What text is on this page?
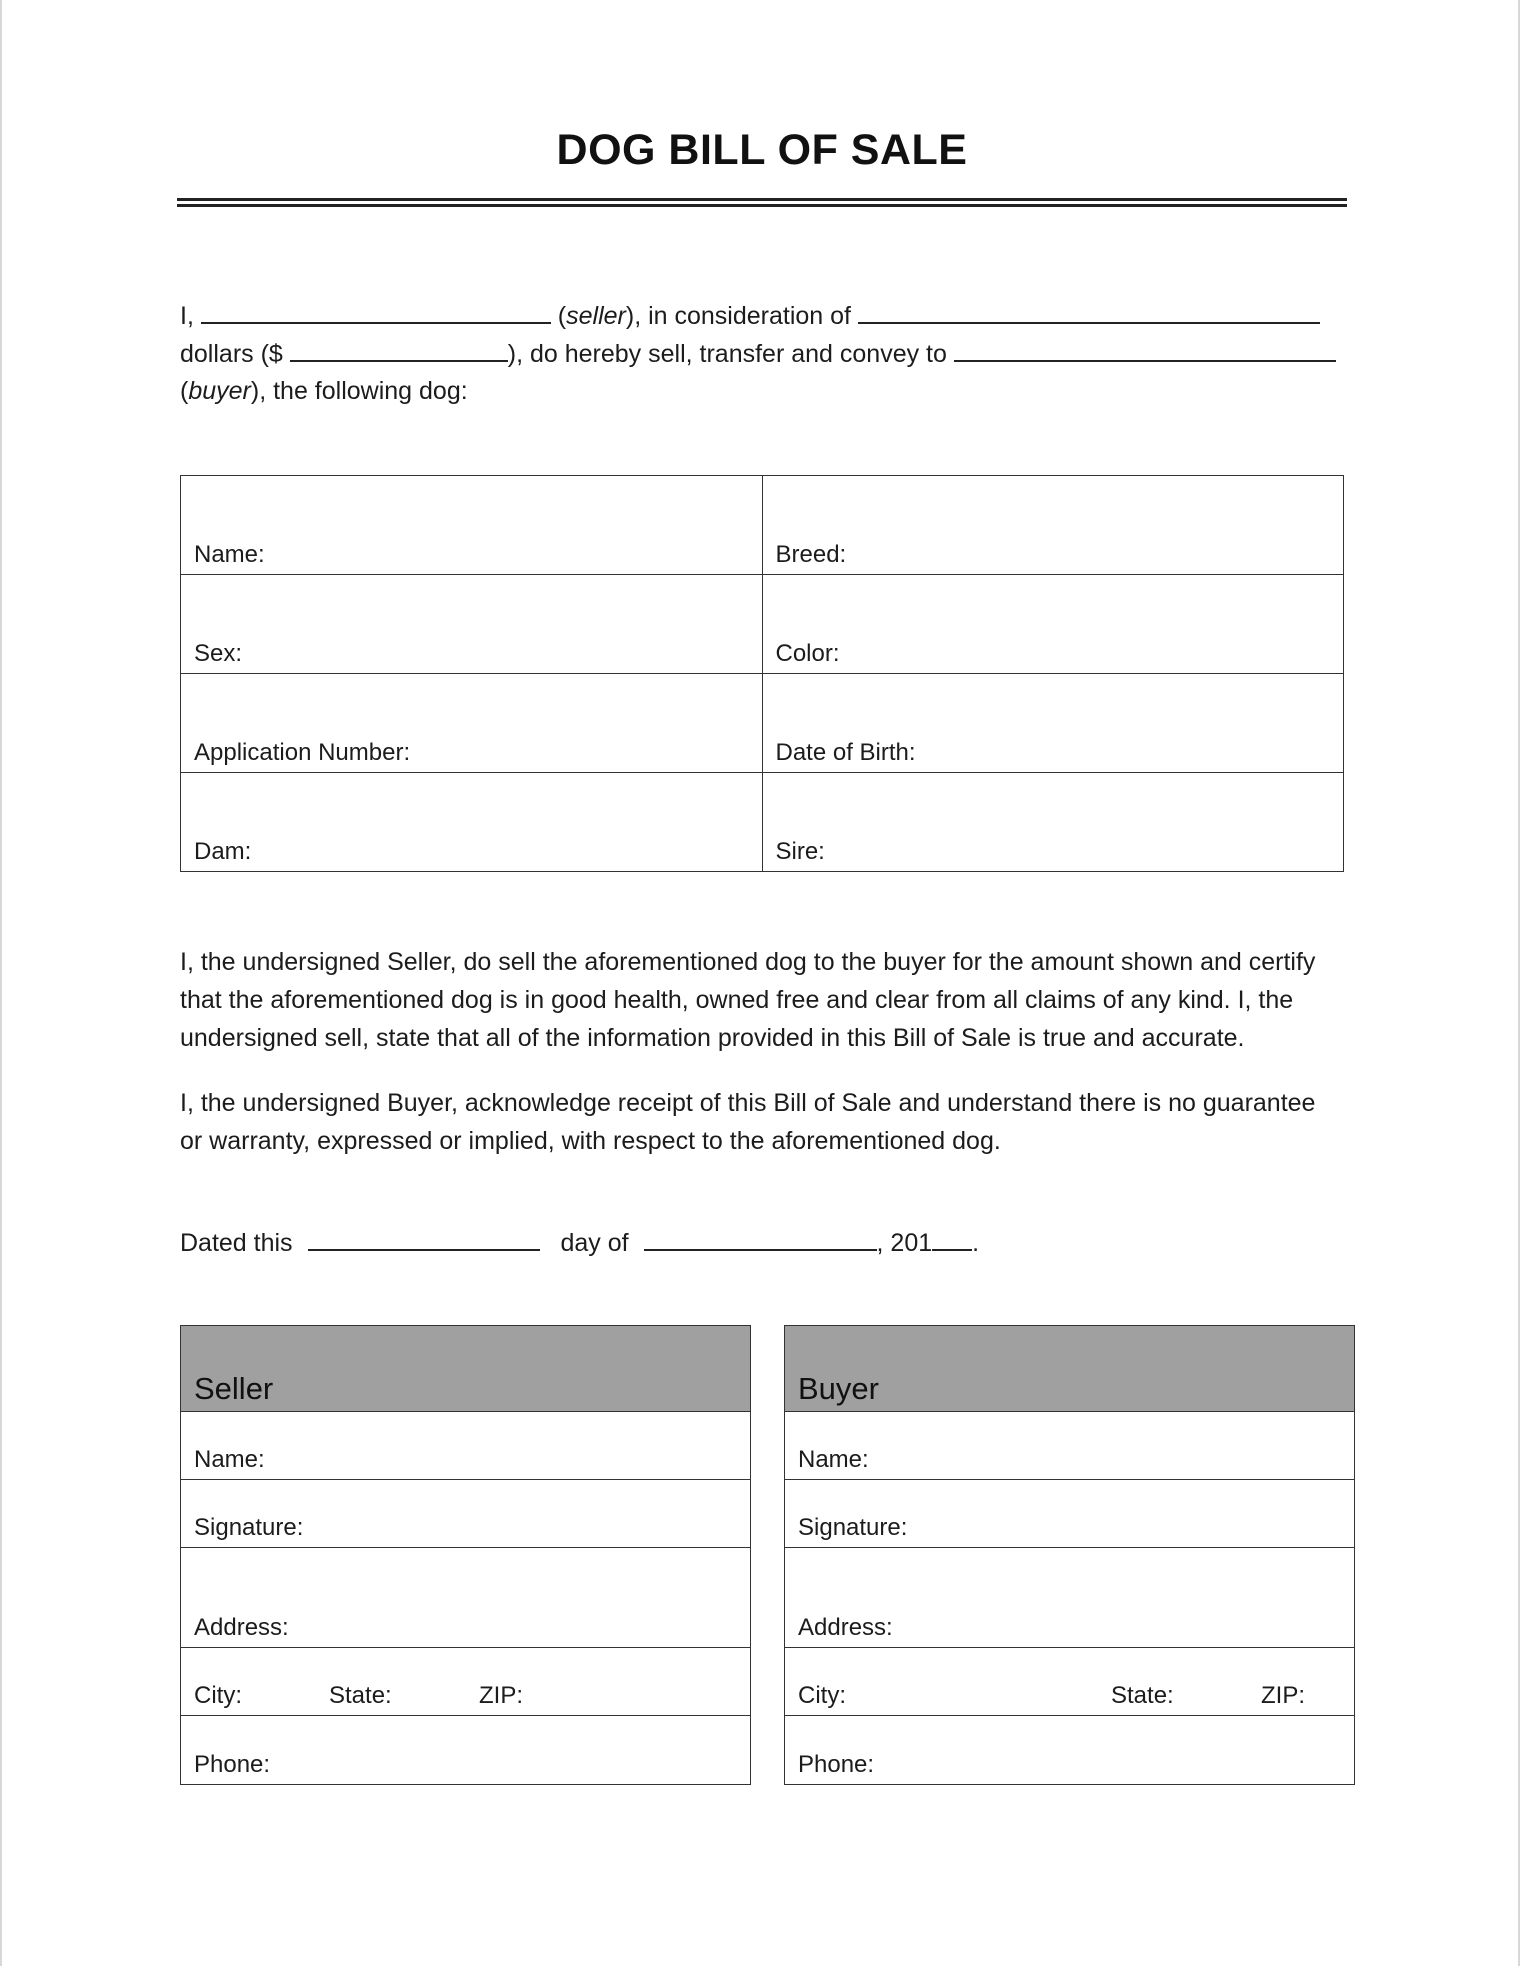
DOG BILL OF SALE
I,	(seller), in consideration of
dollars ($	), do hereby sell, transfer and convey to
(buyer), the following dog:
Name:	Breed:
Sex:	Color:
Application Number:	Date of Birth:
Dam:	Sire:
I, the undersigned Seller, do sell the aforementioned dog to the buyer for the amount shown and certify
that the aforementioned dog is in good health, owned free and clear from all claims of any kind. I, the
undersigned sell, state that all of the information provided in this Bill of Sale is true and accurate.
I, the undersigned Buyer, acknowledge receipt of this Bill of Sale and understand there is no guarantee
or warranty, expressed or implied, with respect to the aforementioned dog.
Dated this	day of	, 201 .
Seller
Name:
Signature:
Address:
City:	State:	ZIP:
Phone:
Buyer
Name:
Signature:
Address:
City:	State:	ZIP:
Phone:
